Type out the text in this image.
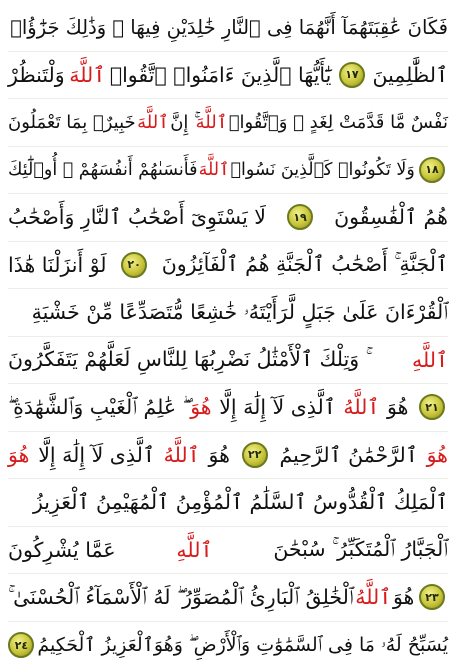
فَكَانَ عَٰقِبَتَهُمَآ أَنَّهُمَا فِى ٱلنَّارِ خَٰلِدَيْنِ فِيهَا ۚ وَذَٰلِكَ جَزَٰٓؤُا۟
ٱلظَّٰلِمِينَ
١٧
يَٰٓأَيُّهَا ٱلَّذِينَ ءَامَنُوا۟ ٱتَّقُوا۟
ٱللَّهَ
وَلْتَنظُرْ
نَفْسٌ مَّا قَدَّمَتْ لِغَدٍ ۖ وَٱتَّقُوا۟
ٱللَّهَ
ۚ إِنَّ
ٱللَّهَ
خَبِيرٌۢ بِمَا تَعْمَلُونَ
١٨
وَلَا تَكُونُوا۟ كَٱلَّذِينَ نَسُوا۟
ٱللَّهَ
فَأَنسَىٰهُمْ أَنفُسَهُمْ ۚ أُو۟لَٰٓئِكَ
هُمُ ٱلْفَٰسِقُونَ
١٩
لَا يَسْتَوِىٓ أَصْحَٰبُ ٱلنَّارِ وَأَصْحَٰبُ
ٱلْجَنَّةِ ۚ أَصْحَٰبُ ٱلْجَنَّةِ هُمُ ٱلْفَآئِزُونَ
٢٠
لَوْ أَنزَلْنَا هَٰذَا
ٱلْقُرْءَانَ عَلَىٰ جَبَلٍ لَّرَأَيْتَهُۥ خَٰشِعًا مُّتَصَدِّعًا مِّنْ خَشْيَةِ
ٱللَّهِ
ۚ وَتِلْكَ ٱلْأَمْثَٰلُ نَضْرِبُهَا لِلنَّاسِ لَعَلَّهُمْ يَتَفَكَّرُونَ
٢١
هُوَ
ٱللَّهُ
ٱلَّذِى لَآ إِلَٰهَ إِلَّا
هُوَ
ۖ عَٰلِمُ ٱلْغَيْبِ وَٱلشَّهَٰدَةِ ۖ
هُوَ
ٱلرَّحْمَٰنُ ٱلرَّحِيمُ
٢٢
هُوَ
ٱللَّهُ
ٱلَّذِى لَآ إِلَٰهَ إِلَّا
هُوَ
ٱلْمَلِكُ ٱلْقُدُّوسُ ٱلسَّلَٰمُ ٱلْمُؤْمِنُ ٱلْمُهَيْمِنُ ٱلْعَزِيزُ
ٱلْجَبَّارُ ٱلْمُتَكَبِّرُ ۚ سُبْحَٰنَ
ٱللَّهِ
عَمَّا يُشْرِكُونَ
٢٣
هُوَ
ٱللَّهُ
ٱلْخَٰلِقُ ٱلْبَارِئُ ٱلْمُصَوِّرُ ۖ لَهُ ٱلْأَسْمَآءُ ٱلْحُسْنَىٰ ۚ
يُسَبِّحُ لَهُۥ مَا فِى ٱلسَّمَٰوَٰتِ وَٱلْأَرْضِ ۖ وَهُوَ
ٱلْعَزِيزُ ٱلْحَكِيمُ
٢٤
